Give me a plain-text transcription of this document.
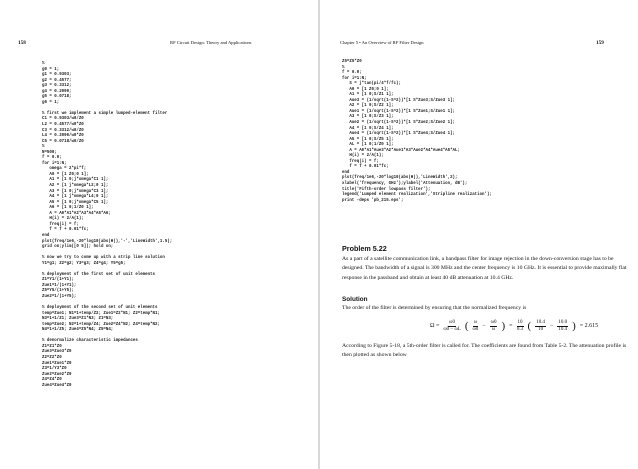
158	RF Circuit Design: Theory and Applications
%
g0 = 1;
g1 = 0.9303;
g2 = 0.4577;
g3 = 0.3312;
g4 = 0.2090;
g5 = 0.0718;
g6 = 1;
% first we implement a simple lumped-element filter
C1 = 0.9303/w0/Z0
L2 = 0.4577/w0*Z0
C3 = 0.3312/w0/Z0
L4 = 0.2090/w0*Z0
C5 = 0.0718/w0/Z0
%
N=500;
f = 0.0;
for i=1:N;
omega = 2*pi*f;
A0 = [1 Z0;0 1];
A1 = [1 0;j*omega*C1 1];
A2 = [1 j*omega*L2;0 1];
A3 = [1 0;j*omega*C3 1];
A4 = [1 j*omega*L4;0 1];
A5 = [1 0;j*omega*C5 1];
A6 = [1 0;1/Z0 1];
A = A0*A1*A2*A3*A4*A5*A6;
H(i) = 2/A(1);
freq(i) = f;
f = f + 0.01*fc;
end
plot(freq/1e6,-20*log10(abs(H)),'-','LineWidth',1.5);
grid on;ylim([0 5]); hold on;
% now we try to come up with a strip line solution
Y1=g1; Z2=g2; Y3=g3; Z4=g4; Y5=g5;
% deployment of the first set of unit elements
Z1=Y1/(1+Y1);
Zue1=1/(1+Y1);
Z5=Y5/(1+Y5);
Zue2=1/(1+Y5);
% deployment of the second set of unit elements
temp=Zue1; N1=1+temp/Z2; Zue1=Z2*N1; Z2=temp*N1;
N3=1+1/Z1; Zue3=Z1*N3; Z1=N3;
temp=Zue2; N2=1+temp/Z4; Zue2=Z4*N2; Z4=temp*N2;
N4=1+1/Z5; Zue4=Z5*N4; Z5=N4;
% denormalize characteristic impedances
Z1=Z1*Z0
Zue3=Zue3*Z0
Z2=Z2*Z0
Zue1=Zue1*Z0
Z3=1/Y3*Z0
Zue2=Zue2*Z0
Z4=Z4*Z0
Zue4=Zue4*Z0
Chapter 5 • An Overview of RF Filter Design	159
Z5=Z5*Z0
%
f = 0.0;
for i=1:N;
S = j*tan(pi/4*f/fc);
A0 = [1 Z0;0 1];
A1 = [1 0;S/Z1 1];
Aue3 = (1/sqrt(1-S^2))*[1 S*Zue3;S/Zue3 1];
A2 = [1 0;S/Z2 1];
Aue1 = (1/sqrt(1-S^2))*[1 S*Zue1;S/Zue1 1];
A3 = [1 0;S/Z3 1];
Aue2 = (1/sqrt(1-S^2))*[1 S*Zue2;S/Zue2 1];
A4 = [1 0;S/Z4 1];
Aue4 = (1/sqrt(1-S^2))*[1 S*Zue4;S/Zue4 1];
A5 = [1 0;S/Z5 1];
AL = [1 0;1/Z0 1];
A = A0*A1*Aue3*A2*Aue1*A3*Aue2*A4*Aue4*A5*AL;
H(i) = 2/A(1);
freq(i) = f;
f = f + 0.01*fc;
end
plot(freq/1e6,-20*log10(abs(H)),'LineWidth',2);
xlabel('frequency, GHz');ylabel('Attenuation, dB');
title('Fifth-order lowpass filter');
legend('Lumped element realization','Stripline realization');
print -deps 'pb_215.eps';
Problem 5.22
As a part of a satellite communication link, a bandpass filter for image rejection in the down-conversion stage has to be designed. The bandwidth of a signal is 300 MHz and the center frequency is 10 GHz. It is essential to provide maximally flat response in the passband and obtain at least 40 dB attenuation at 10.4 GHz.
Solution
The order of the filter is determined by ensuring that the normalized frequency is
$\Omega = \frac{\omega 0}{\omega 0 - \omega L}$ ( $\frac{\omega}{\omega 0} - \frac{\omega 0}{\omega}$ ) = $\frac{10}{0.3}$ ( $\frac{10.4}{10} - \frac{10.0}{10.4}$ ) = 2.615
According to Figure 5-18, a 5th-order filter is called for. The coefficients are found from Table 5-2. The attenuation profile is then plotted as shown below
